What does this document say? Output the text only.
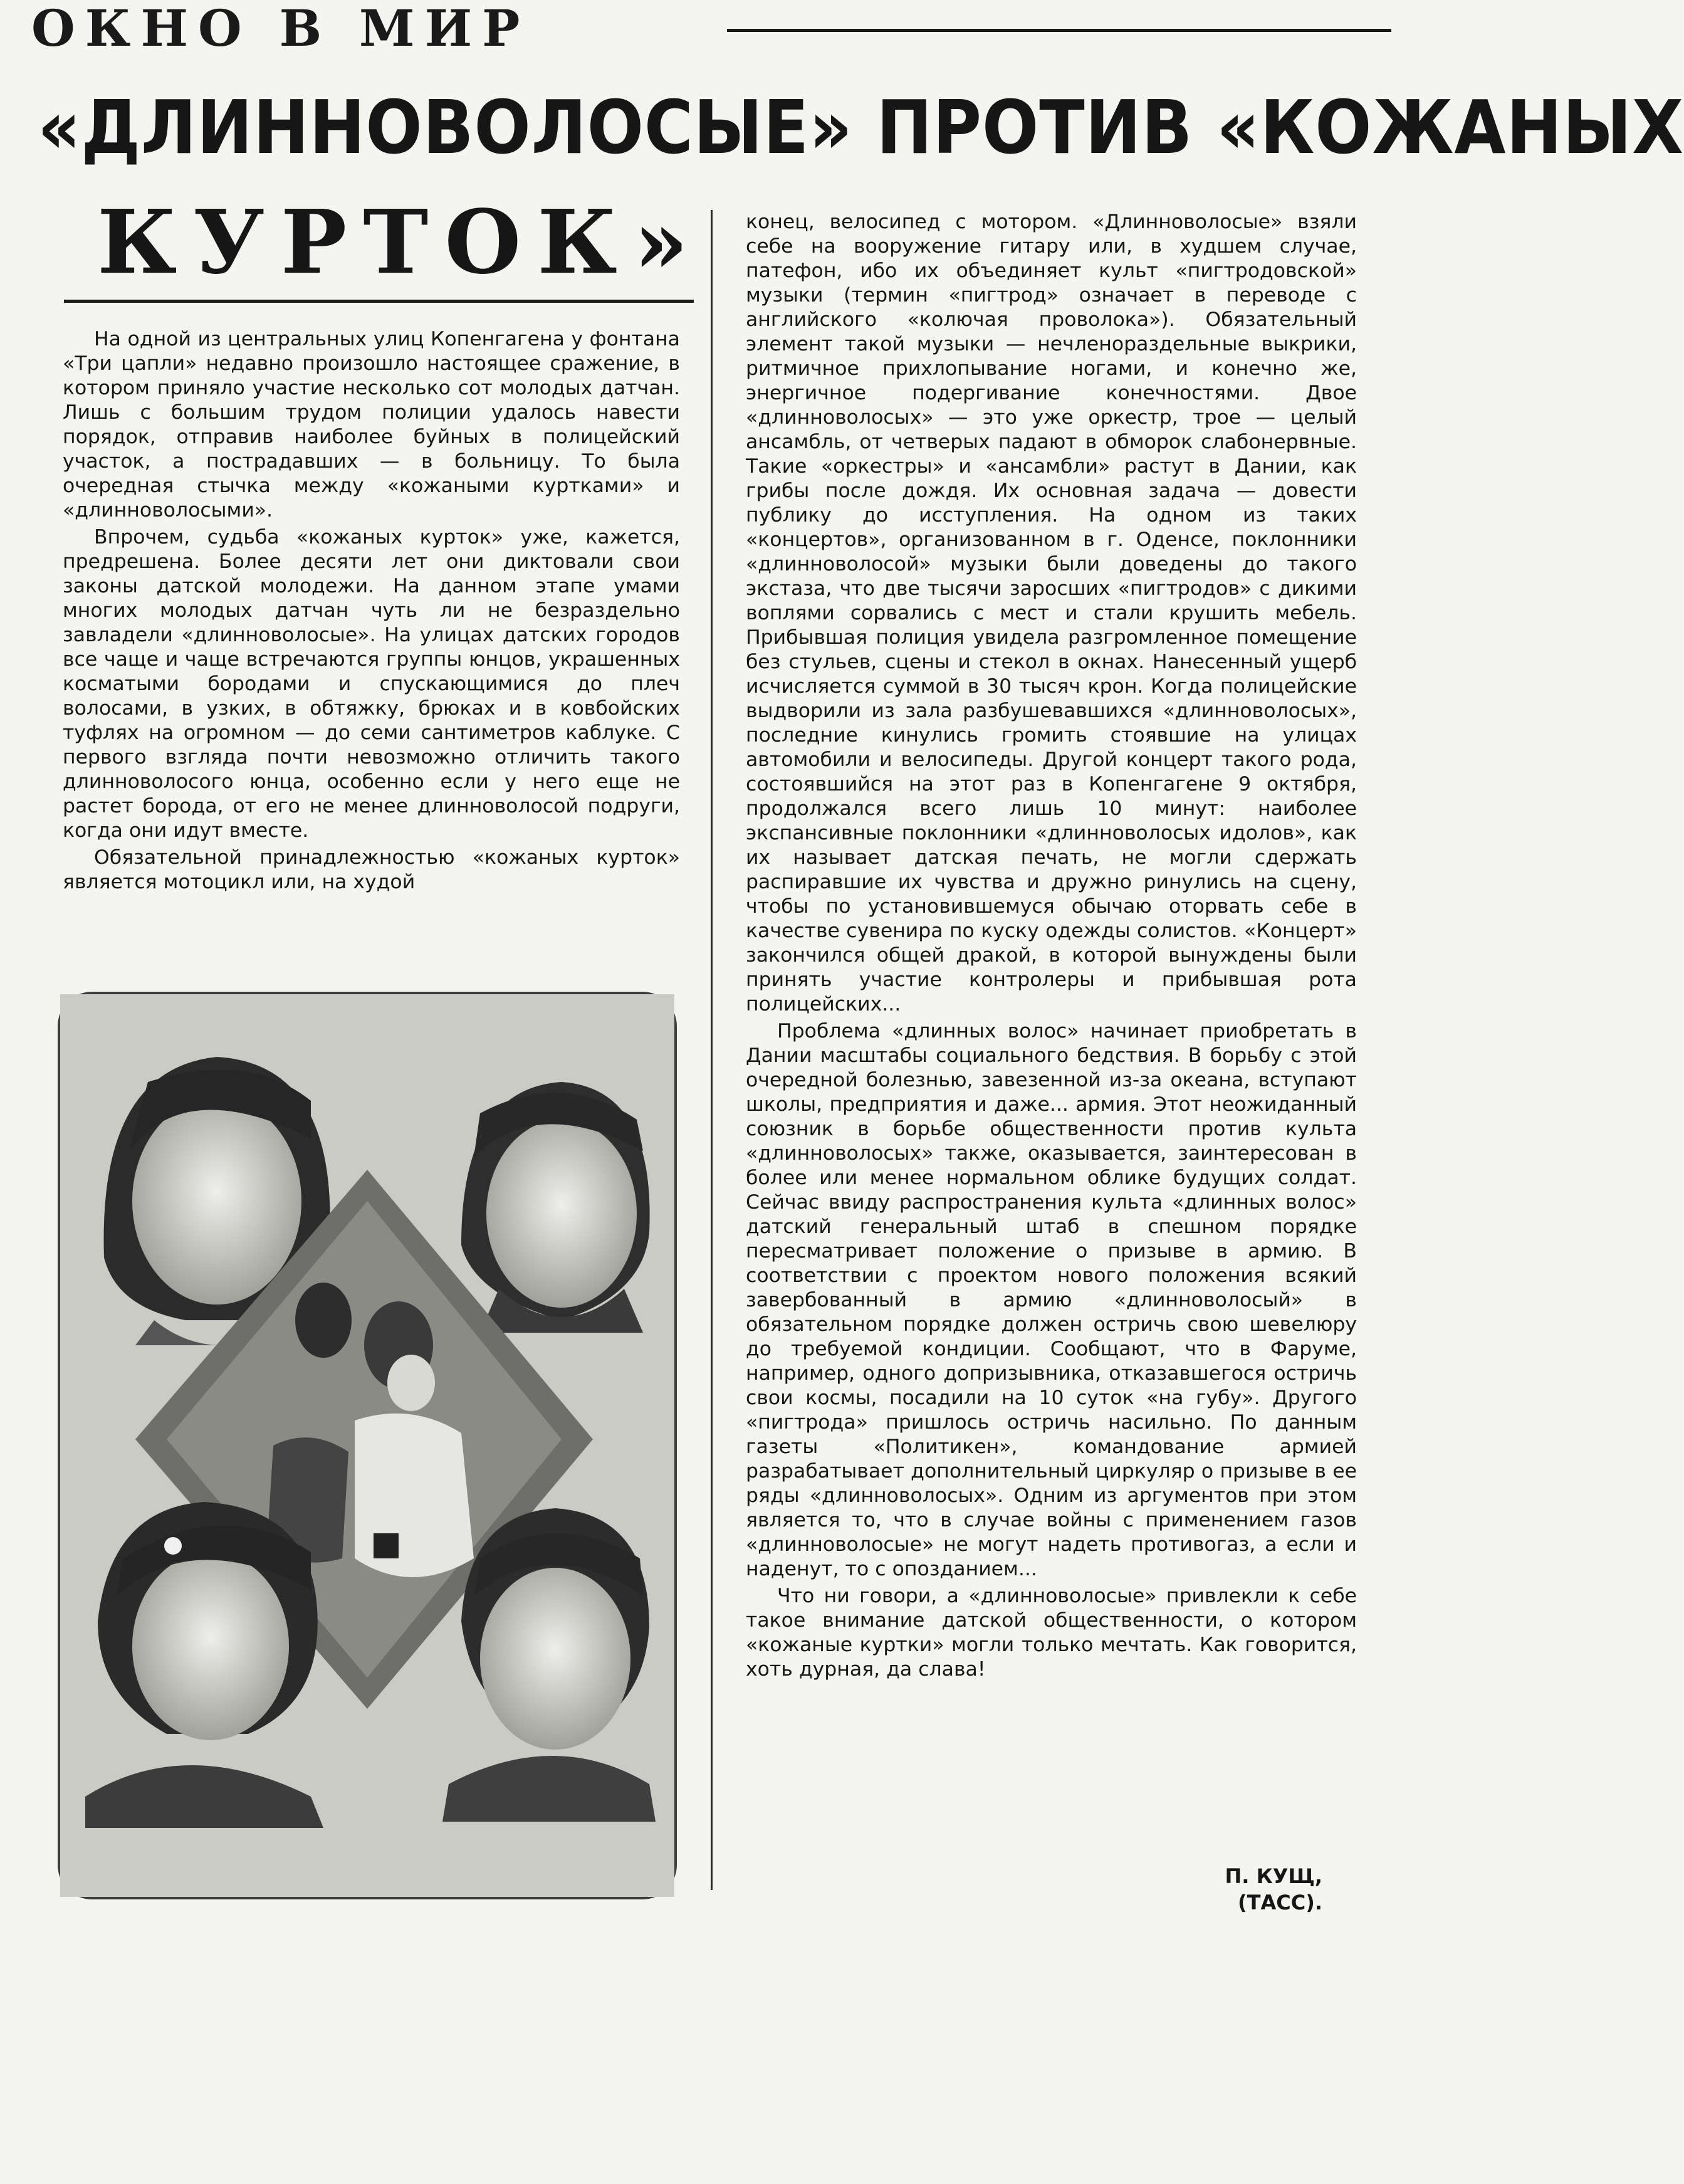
ОКНО В МИР
«ДЛИННОВОЛОСЫЕ» ПРОТИВ «КОЖАНЫХ
КУРТОК»

На одной из центральных улиц Копенгагена у фонтана «Три цапли» недавно произошло настоящее сражение, в котором приняло участие несколько сот молодых датчан. Лишь с большим трудом полиции удалось навести порядок, отправив наиболее буйных в полицейский участок, а пострадавших — в больницу. То была очередная стычка между «кожаными куртками» и «длинноволосыми».

Впрочем, судьба «кожаных курток» уже, кажется, предрешена. Более десяти лет они диктовали свои законы датской молодежи. На данном этапе умами многих молодых датчан чуть ли не безраздельно завладели «длинноволосые». На улицах датских городов все чаще и чаще встречаются группы юнцов, украшенных косматыми бородами и спускающимися до плеч волосами, в узких, в обтяжку, брюках и в ковбойских туфлях на огромном — до семи сантиметров каблуке. С первого взгляда почти невозможно отличить такого длинноволосого юнца, особенно если у него еще не растет борода, от его не менее длинноволосой подруги, когда они идут вместе.

Обязательной принадлежностью «кожаных курток» является мотоцикл или, на худой

конец, велосипед с мотором. «Длинноволосые» взяли себе на вооружение гитару или, в худшем случае, патефон, ибо их объединяет культ «пигтродовской» музыки (термин «пигтрод» означает в переводе с английского «колючая проволока»). Обязательный элемент такой музыки — нечленораздельные выкрики, ритмичное прихлопывание ногами, и конечно же, энергичное подергивание конечностями. Двое «длинноволосых» — это уже оркестр, трое — целый ансамбль, от четверых падают в обморок слабонервные. Такие «оркестры» и «ансамбли» растут в Дании, как грибы после дождя. Их основная задача — довести публику до исступления. На одном из таких «концертов», организованном в г. Оденсе, поклонники «длинноволосой» музыки были доведены до такого экстаза, что две тысячи заросших «пигтродов» с дикими воплями сорвались с мест и стали крушить мебель. Прибывшая полиция увидела разгромленное помещение без стульев, сцены и стекол в окнах. Нанесенный ущерб исчисляется суммой в 30 тысяч крон. Когда полицейские выдворили из зала разбушевавшихся «длинноволосых», последние кинулись громить стоявшие на улицах автомобили и велосипеды. Другой концерт такого рода, состоявшийся на этот раз в Копенгагене 9 октября, продолжался всего лишь 10 минут: наиболее экспансивные поклонники «длинноволосых идолов», как их называет датская печать, не могли сдержать распиравшие их чувства и дружно ринулись на сцену, чтобы по установившемуся обычаю оторвать себе в качестве сувенира по куску одежды солистов. «Концерт» закончился общей дракой, в которой вынуждены были принять участие контролеры и прибывшая рота полицейских...

Проблема «длинных волос» начинает приобретать в Дании масштабы социального бедствия. В борьбу с этой очередной болезнью, завезенной из-за океана, вступают школы, предприятия и даже... армия. Этот неожиданный союзник в борьбе общественности против культа «длинноволосых» также, оказывается, заинтересован в более или менее нормальном облике будущих солдат. Сейчас ввиду распространения культа «длинных волос» датский генеральный штаб в спешном порядке пересматривает положение о призыве в армию. В соответствии с проектом нового положения всякий завербованный в армию «длинноволосый» в обязательном порядке должен остричь свою шевелюру до требуемой кондиции. Сообщают, что в Фаруме, например, одного допризывника, отказавшегося остричь свои космы, посадили на 10 суток «на губу». Другого «пигтрода» пришлось остричь насильно. По данным газеты «Политикен», командование армией разрабатывает дополнительный циркуляр о призыве в ее ряды «длинноволосых». Одним из аргументов при этом является то, что в случае войны с применением газов «длинноволосые» не могут надеть противогаз, а если и наденут, то с опозданием...

Что ни говори, а «длинноволосые» привлекли к себе такое внимание датской общественности, о котором «кожаные куртки» могли только мечтать. Как говорится, хоть дурная, да слава!

П. КУЩ,
(ТАСС).
